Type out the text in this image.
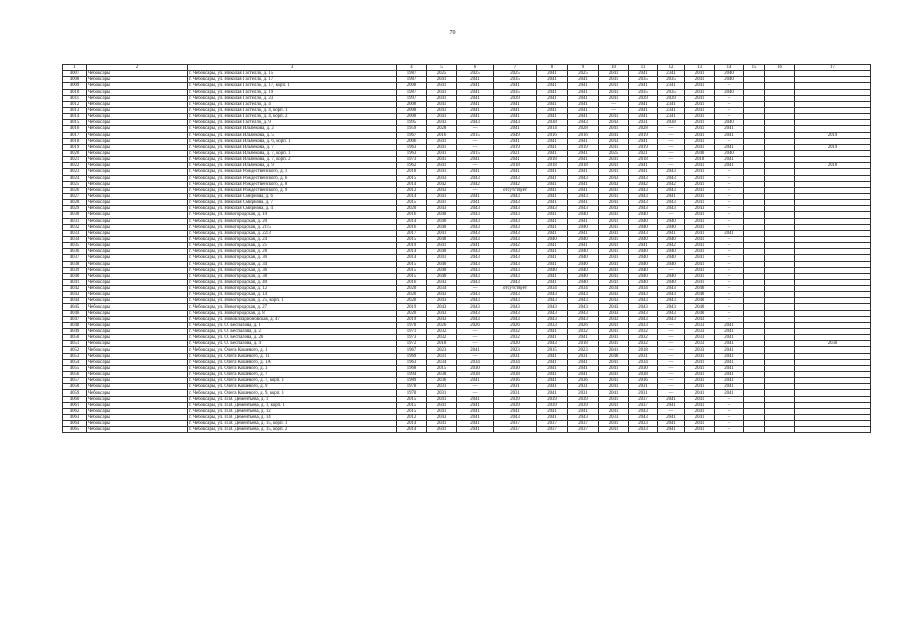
70
1	2	3	4	5	6	7	8	9	10	11	12	13	14	15	16	17
4007	Чебоксары	г. Чебоксары, ул. Николая Гастелло, д. 15	1987	2025	2025	2025	2041	2025	2041	2041	2341	2041	2040			
4008	Чебоксары	г. Чебоксары, ул. Николая Гастелло, д. 17	1987	2041	2041	2035	2041	2041	2041	2035	2035	2041	2040			
4009	Чебоксары	г. Чебоксары, ул. Николая Гастелло, д. 17, корп. 1	2008	2041	2041	2041	2041	2041	2041	2041	2341	2041	–			
4010	Чебоксары	г. Чебоксары, ул. Николая Гастелло, д. 19	1987	2041	2041	2035	2041	2041	2041	2035	2035	2041	2040			
4011	Чебоксары	г. Чебоксары, ул. Николая Гастелло, д. 23	1997	2041	2041	2039	2041	2041	2041	2039	2039	2041	–			
4012	Чебоксары	г. Чебоксары, ул. Николая Гастелло, д. 4	2008	2041	2041	2041	2041	2041	—	2041	2341	2041	–			
4013	Чебоксары	г. Чебоксары, ул. Николая Гастелло, д. 4, корп. 1	2008	2041	2041	2041	2041	2041	—	2041	2341	2041	–			
4014	Чебоксары	г. Чебоксары, ул. Николая Гастелло, д. 4, корп. 2	2008	2041	2041	2041	2041	2041	2041	2041	2341	2041	–			
4015	Чебоксары	г. Чебоксары, ул. Николая Гастелло, д. 9	1995	2043	2043	2043	2038	2043	2043	2031	2038	2041	2040			
4016	Чебоксары	г. Чебоксары, ул. Николая Ильбекова, д. 2	1959	2028	—	2041	2014	2028	2041	2028	—	2041	2041			
4017	Чебоксары	г. Чебоксары, ул. Николая Ильбекова, д. 5	1967	2016	2015	2049	2016	2016	2041	2019	—	2041	2041			2019
4018	Чебоксары	г. Чебоксары, ул. Николая Ильбекова, д. 6, корп. 1	2006	2041	—	2041	2041	2041	2043	2041	—	2041	–			
4019	Чебоксары	г. Чебоксары, ул. Николая Ильбекова, д. 7	1963	2041	—	2019	2041	2019	2041	2019	—	2041	2041			2019
4020	Чебоксары	г. Чебоксары, ул. Николая Ильбекова, д. 7, корп. 1	1963	2041	2015	2021	2041	2041	2025	2021	—	2040	2040			
4021	Чебоксары	г. Чебоксары, ул. Николая Ильбекова, д. 7, корп. 2	1973	2041	2041	2041	2018	2041	2041	2018	—	2018	2041			
4022	Чебоксары	г. Чебоксары, ул. Николая Ильбекова, д. 9	1962	2041	—	2018	2018	2018	2041	2041	—	2041	2041			2018
4023	Чебоксары	г. Чебоксары, ул. Николая Рождественского, д. 1	2018	2041	2041	2041	2041	2041	2041	2041	2043	2041	–			
4024	Чебоксары	г. Чебоксары, ул. Николая Рождественского, д. 6	2015	2043	2043	2043	2041	2043	2043	2043	2043	2041	–			
4025	Чебоксары	г. Чебоксары, ул. Николая Рождественского, д. 8	2014	2042	2042	2042	2041	2041	2043	2042	2042	2041	–			
4026	Чебоксары	г. Чебоксары, ул. Николая Рождественского, д. 9	2012	2043	—	отсутствует	2041	2041	2041	2043	2043	2041	–			
4027	Чебоксары	г. Чебоксары, ул. Николая Смирнова, д. 6	2014	2041	2041	2043	2041	2043	2041	2043	2041	2041	–			
4028	Чебоксары	г. Чебоксары, ул. Николая Смирнова, д. 7	2015	2041	2041	2043	2041	2041	2041	2043	2043	2041	–			
4029	Чебоксары	г. Чебоксары, ул. Николая Смирнова, д. 4	2020	2043	2043	2043	2043	2043	2043	2043	2043	2043	–			
4030	Чебоксары	г. Чебоксары, ул. Новогородская, д. 19	2016	2040	2043	2043	2041	2040	2041	2040	—	2041	–			
4031	Чебоксары	г. Чебоксары, ул. Новогородская, д. 20	2014	2040	2043	2043	2041	2041	2041	2040	2040	2041	–			
4032	Чебоксары	г. Чебоксары, ул. Новогородская, д. 21/5	2016	2040	2043	2043	2041	2040	2041	2040	2040	2041	–			
4033	Чебоксары	г. Чебоксары, ул. Новогородская, д. 22/3	2017	2041	2043	2043	2041	2041	2041	2043	2041	2041	2041			
4034	Чебоксары	г. Чебоксары, ул. Новогородская, д. 24	2015	2040	2043	2043	2040	2040	2041	2040	2040	2041	–			
4035	Чебоксары	г. Чебоксары, ул. Новогородская, д. 25	2019	2041	2041	2042	2041	2041	2041	2041	2042	2041	–			
4036	Чебоксары	г. Чебоксары, ул. Новогородская, д. 28	2014	2040	2043	2043	2041	2040	2041	2040	2040	2041	–			
4037	Чебоксары	г. Чебоксары, ул. Новогородская, д. 30	2014	2041	2043	2043	2041	2040	2041	2040	2040	2041	–			
4038	Чебоксары	г. Чебоксары, ул. Новогородская, д. 34	2015	2040	2043	2043	2041	2040	2041	2040	2040	2041	–			
4039	Чебоксары	г. Чебоксары, ул. Новогородская, д. 36	2015	2040	2043	2043	2040	2040	2041	2040	—	2041	–			
4040	Чебоксары	г. Чебоксары, ул. Новогородская, д. 38	2015	2040	2043	2043	2041	2040	2041	2040	2040	2041	–			
4041	Чебоксары	г. Чебоксары, ул. Новогородская, д. 40	2016	2043	2043	2043	2041	2040	2041	2040	2040	2041	–			
4042	Чебоксары	г. Чебоксары, ул. Новогородская, д. 12	2020	2034	—	отсутствует	2034	2034	2034	2034	2043	2040	–			
4043	Чебоксары	г. Чебоксары, ул. Новогородская, д. 14	2020	2043	2043	2043	2043	2043	2043	2043	2043	2040	–			
4044	Чебоксары	г. Чебоксары, ул. Новогородская, д. 25, корп. 1	2020	2043	2043	2043	2043	2043	2043	2043	2043	2040	–			
4045	Чебоксары	г. Чебоксары, ул. Новогородская, д. 27	2019	2043	2043	2043	2043	2043	2043	2043	2043	2040	–			
4046	Чебоксары	г. Чебоксары, ул. Новогородская, д. 8	2020	2043	2043	2043	2043	2043	2043	2043	2043	2040	–			
4047	Чебоксары	г. Чебоксары, ул. Новоилларионовская, д. 47	2019	2043	2043	2043	2043	2043	2043	2043	2043	2043	–			
4048	Чебоксары	г. Чебоксары, ул. О. Беспалова, д. 1	1978	2026	2026	2026	2033	2026	2041	2033	—	2033	2041			
4049	Чебоксары	г. Чебоксары, ул. О. Беспалова, д. 2	1971	2032	—	2032	2041	2032	2041	2032	—	2033	2041			
4050	Чебоксары	г. Чебоксары, ул. О. Беспалова, д. 2б	1973	2032	—	2032	2041	2041	2041	2032	—	2033	2041			
4051	Чебоксары	г. Чебоксары, ул. О. Беспалова, д. 4	1972	2018	—	2020	2043	2018	2041	2032	—	2033	2041			2030
4052	Чебоксары	г. Чебоксары, ул. Олега Кошевого, д. 1	1967	2023	2041	2023	2015	2023	2041	2018	—	2033	2041			
4053	Чебоксары	г. Чебоксары, ул. Олега Кошевого, д. 11	1969	2031	—	2031	2041	2031	2040	2031	—	2041	2041			
4054	Чебоксары	г. Чебоксары, ул. Олега Кошевого, д. 1А	1963	2034	2034	2034	2041	2041	2041	2034	—	2041	2041			
4055	Чебоксары	г. Чебоксары, ул. Олега Кошевого, д. 3	1968	2015	2030	2030	2041	2041	2041	2030	—	2041	2041			
4056	Чебоксары	г. Чебоксары, ул. Олега Кошевого, д. 7	1994	2038	2038	2038	2041	2041	2041	2038	—	2041	2041			
4057	Чебоксары	г. Чебоксары, ул. Олега Кошевого, д. 7, корп. 1	1989	2036	2041	2036	2041	2036	2041	2036	—	2041	2041			
4058	Чебоксары	г. Чебоксары, ул. Олега Кошевого, д. 9	1970	2031	—	2031	2041	2031	2041	2031	—	2041	2041			
4059	Чебоксары	г. Чебоксары, ул. Олега Кошевого, д. 9, корп. 1	1970	2031	—	2031	2041	2031	2041	2031	—	2041	2041			
4060	Чебоксары	г. Чебоксары, ул. П.В. Дементьева, д. 1	2015	2041	2041	2039	2039	2039	2041	2037	2041	2041	–			
4061	Чебоксары	г. Чебоксары, ул. П.В. Дементьева, д. 1, корп. 1	2015	2041	2041	2039	2039	2039	2041	2037	2041	2041	–			
4062	Чебоксары	г. Чебоксары, ул. П.В. Дементьева, д. 12	2015	2041	2041	2041	2041	2041	2041	2043	—	2041	–			
4063	Чебоксары	г. Чебоксары, ул. П.В. Дементьева, д. 14	2012	2043	2041	2043	2041	2043	2033	2043	2041	2041	–			
4064	Чебоксары	г. Чебоксары, ул. П.В. Дементьева, д. 15, корп. 1	2014	2041	2041	2037	2037	2037	2041	2033	2041	2041	–			
4065	Чебоксары	г. Чебоксары, ул. П.В. Дементьева, д. 15, корп. 2	2014	2041	2041	2037	2037	2037	2041	2033	2041	2041	–			
